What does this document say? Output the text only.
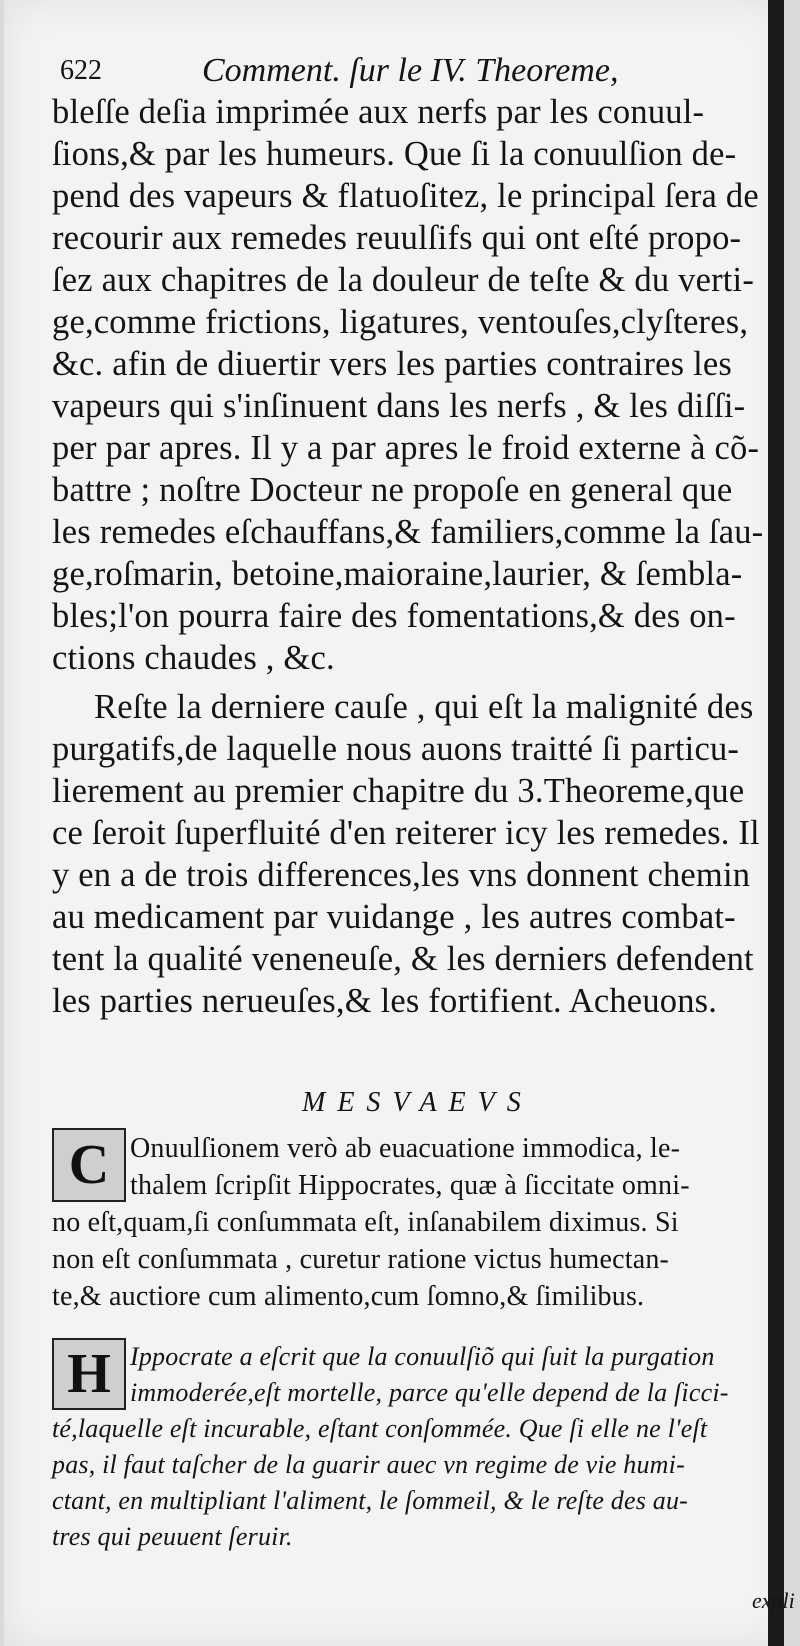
622	Comment. ſur le IV. Theoreme,
bleſſe deſia imprimée aux nerfs par les conuul-
ſions,& par les humeurs. Que ſi la conuulſion de-
pend des vapeurs & flatuoſitez, le principal ſera de
recourir aux remedes reuulſifs qui ont eſté propo-
ſez aux chapitres de la douleur de teſte & du verti-
ge,comme frictions, ligatures, ventouſes,clyſteres,
&c. afin de diuertir vers les parties contraires les
vapeurs qui s'inſinuent dans les nerfs , & les diſſi-
per par apres. Il y a par apres le froid externe à cõ-
battre ; noſtre Docteur ne propoſe en general que
les remedes eſchauffans,& familiers,comme la ſau-
ge,roſmarin, betoine,maioraine,laurier, & ſembla-
bles;l'on pourra faire des fomentations,& des on-
ctions chaudes , &c.
Reſte la derniere cauſe , qui eſt la malignité des
purgatifs,de laquelle nous auons traitté ſi particu-
lierement au premier chapitre du 3.Theoreme,que
ce ſeroit ſuperfluité d'en reiterer icy les remedes. Il
y en a de trois differences,les vns donnent chemin
au medicament par vuidange , les autres combat-
tent la qualité veneneuſe, & les derniers defendent
les parties nerueuſes,& les fortifient. Acheuons.
MESVAEVS
C Onuulſionem verò ab euacuatione immodica, le-
thalem ſcripſit Hippocrates, quæ à ſiccitate omni-
no eſt,quam,ſi conſummata eſt, inſanabilem diximus. Si
non eſt conſummata , curetur ratione victus humectan-
te,& auctiore cum alimento,cum ſomno,& ſimilibus.
H Ippocrate a eſcrit que la conuulſiõ qui ſuit la purgation
immoderée,eſt mortelle, parce qu'elle depend de la ſicci-
té,laquelle eſt incurable, eſtant conſommée. Que ſi elle ne l'eſt
pas, il faut taſcher de la guarir auec vn regime de vie humi-
ctant, en multipliant l'aliment, le ſommeil, & le reſte des au-
tres qui peuuent ſeruir.
expli
